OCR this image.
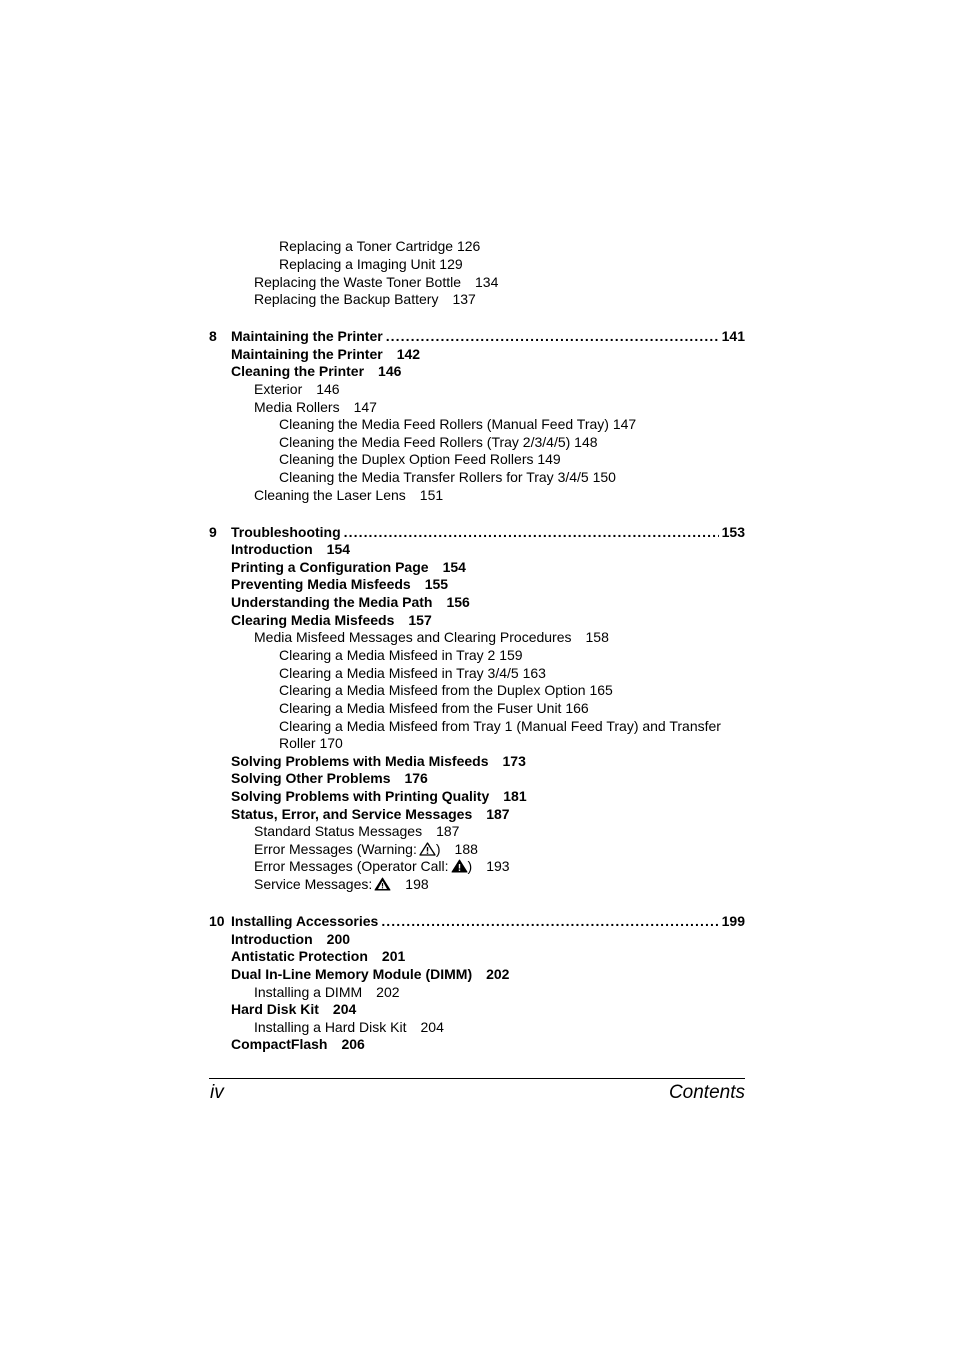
Replacing a Toner Cartridge 126
Replacing a Imaging Unit 129
Replacing the Waste Toner Bottle 134
Replacing the Backup Battery 137
8	Maintaining the Printer . . .	141
Maintaining the Printer 142
Cleaning the Printer 146
Exterior 146
Media Rollers 147
Cleaning the Media Feed Rollers (Manual Feed Tray) 147
Cleaning the Media Feed Rollers (Tray 2/3/4/5) 148
Cleaning the Duplex Option Feed Rollers 149
Cleaning the Media Transfer Rollers for Tray 3/4/5 150
Cleaning the Laser Lens 151
9	Troubleshooting . . .	153
Introduction 154
Printing a Configuration Page 154
Preventing Media Misfeeds 155
Understanding the Media Path 156
Clearing Media Misfeeds 157
Media Misfeed Messages and Clearing Procedures 158
Clearing a Media Misfeed in Tray 2 159
Clearing a Media Misfeed in Tray 3/4/5 163
Clearing a Media Misfeed from the Duplex Option 165
Clearing a Media Misfeed from the Fuser Unit 166
Clearing a Media Misfeed from Tray 1 (Manual Feed Tray) and Transfer
Roller 170
Solving Problems with Media Misfeeds 173
Solving Other Problems 176
Solving Problems with Printing Quality 181
Status, Error, and Service Messages 187
Standard Status Messages 187
Error Messages (Warning: ) 188
Error Messages (Operator Call: ) 193
Service Messages: 198
10 Installing Accessories . . .	199
Introduction 200
Antistatic Protection 201
Dual In-Line Memory Module (DIMM) 202
Installing a DIMM 202
Hard Disk Kit 204
Installing a Hard Disk Kit 204
CompactFlash 206
iv	Contents
